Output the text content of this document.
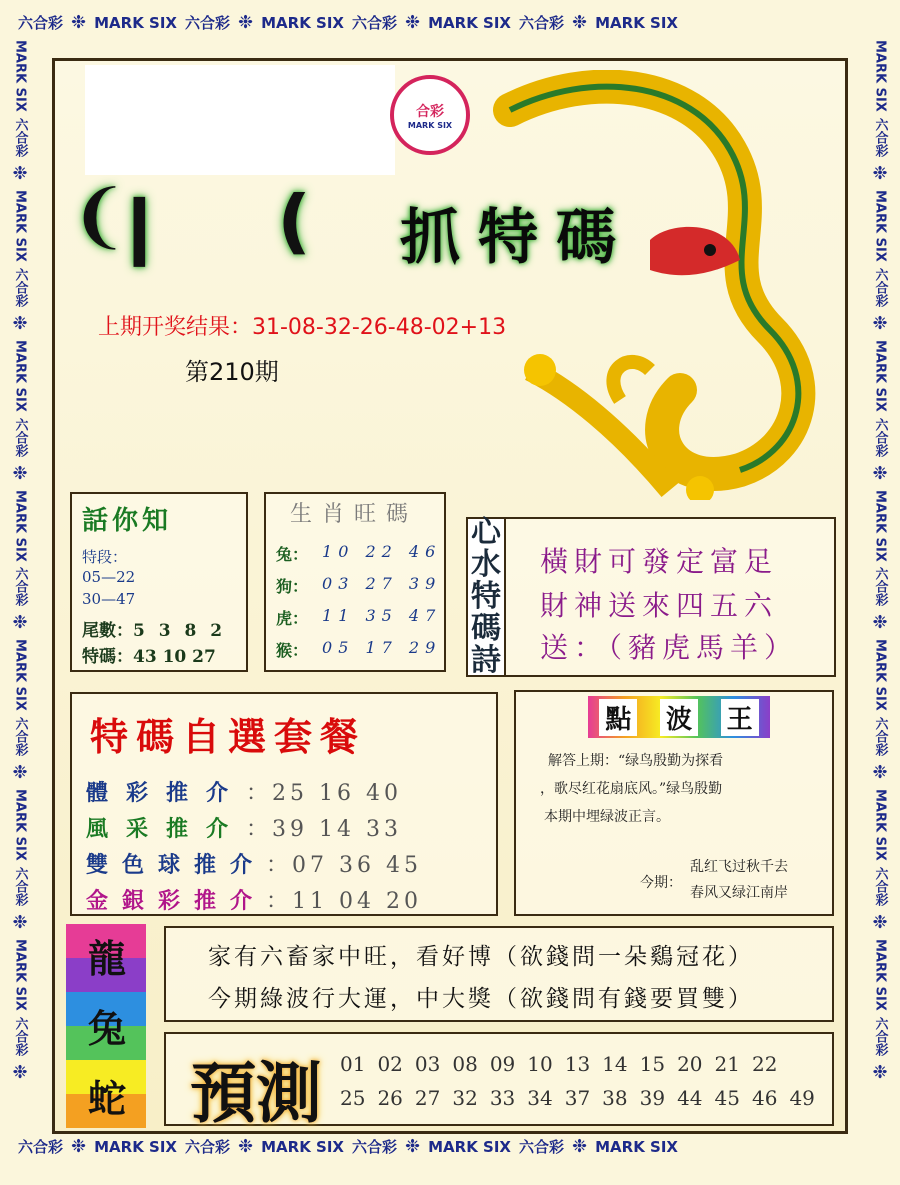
六合彩 ❉ MARK SIX 六合彩 ❉ MARK SIX 六合彩 ❉ MARK SIX 六合彩 ❉ MARK SIX
六合彩 ❉ MARK SIX 六合彩 ❉ MARK SIX 六合彩 ❉ MARK SIX 六合彩 ❉ MARK SIX
MARK SIX
六合彩
❉
MARK SIX
六合彩
❉
MARK SIX
六合彩
❉
MARK SIX
六合彩
❉
MARK SIX
六合彩
❉
MARK SIX
六合彩
❉
MARK SIX
六合彩
❉
MARK SIX
六合彩
❉
MARK SIX
六合彩
❉
MARK SIX
六合彩
❉
MARK SIX
六合彩
❉
MARK SIX
六合彩
❉
MARK SIX
六合彩
❉
MARK SIX
六合彩
❉
❨
❙ ❪
合彩
MARK SIX
抓特碼
上期开奖结果：31-08-32-26-48-02+13
第210期
話你知
特段：
05—22
30—47
尾數：5 3 8 2
特碼：43 10 27
生肖旺碼
兔： 10 22 46
狗： 03 27 39
虎： 11 35 47
猴： 05 17 29
心
水
特
碼
詩
橫財可發定富足
財神送來四五六
送：（豬虎馬羊）
特碼自選套餐
體彩推介：25 16 40
風采推介：39 14 33
雙色球推介：07 36 45
金銀彩推介：11 04 20
點 波 王
解答上期：“绿鸟殷勤为探看
，歌尽红花扇底风。”绿鸟殷勤
本期中埋绿波正言。
今期：
乱红飞过秋千去
春风又绿江南岸
龍
兔
蛇
家有六畜家中旺，看好博（欲錢問一朵鷄冠花）
今期綠波行大運，中大獎（欲錢問有錢要買雙）
預測 01 02 03 08 09 10 13 14 15 20 21 22
25 26 27 32 33 34 37 38 39 44 45 46 49
